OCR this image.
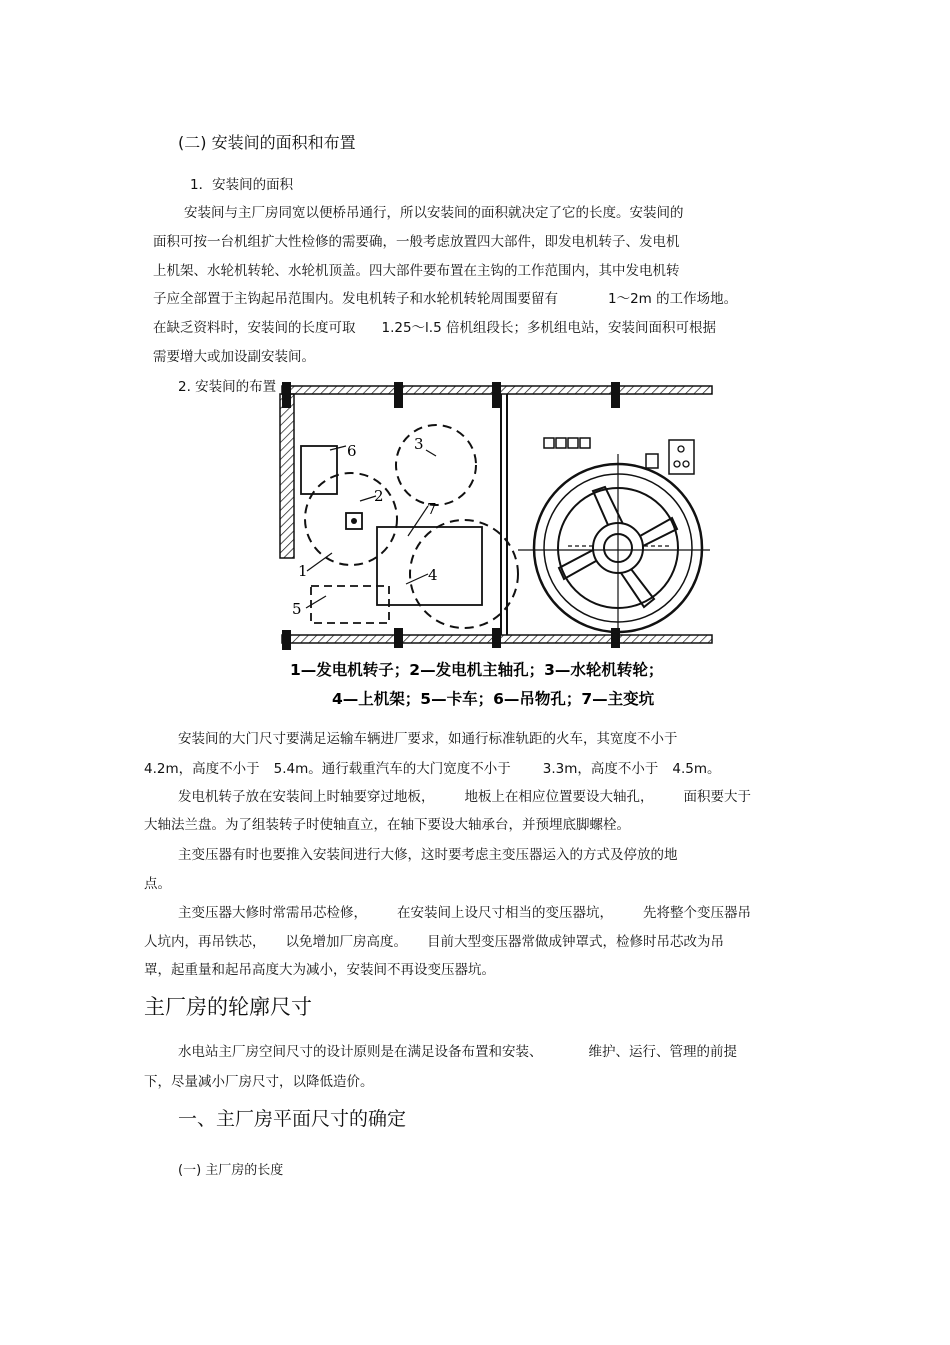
(二) 安装间的面积和布置
1．安装间的面积
安装间与主厂房同宽以便桥吊通行，所以安装间的面积就决定了它的长度。安装间的
面积可按一台机组扩大性检修的需要确，一般考虑放置四大部件，即发电机转子、发电机
上机架、水轮机转轮、水轮机顶盖。四大部件要布置在主钩的工作范围内，其中发电机转
子应全部置于主钩起吊范围内。发电机转子和水轮机转轮周围要留有	1～2m 的工作场地。
在缺乏资料时，安装间的长度可取 1.25～l.5 倍机组段长；多机组电站，安装间面积可根据
需要增大或加设副安装间。
2. 安装间的布置
6
2
3
7
4
1
5
1—发电机转子；2—发电机主轴孔；3—水轮机转轮；
4—上机架；5—卡车；6—吊物孔；7—主变坑
安装间的大门尺寸要满足运输车辆进厂要求，如通行标准轨距的火车，其宽度不小于
4.2m，高度不小于 5.4m。通行载重汽车的大门宽度不小于 3.3m，高度不小于 4.5m。
发电机转子放在安装间上时轴要穿过地板， 地板上在相应位置要设大轴孔， 面积要大于
大轴法兰盘。为了组装转子时使轴直立，在轴下要设大轴承台，并预埋底脚螺栓。
主变压器有时也要推入安装间进行大修，这时要考虑主变压器运入的方式及停放的地
点。
主变压器大修时常需吊芯检修， 在安装间上设尺寸相当的变压器坑， 先将整个变压器吊
人坑内，再吊铁芯， 以免增加厂房高度。 目前大型变压器常做成钟罩式，检修时吊芯改为吊
罩，起重量和起吊高度大为减小，安装间不再设变压器坑。
主厂房的轮廓尺寸
水电站主厂房空间尺寸的设计原则是在满足设备布置和安装、	维护、运行、管理的前提
下，尽量减小厂房尺寸，以降低造价。
一、主厂房平面尺寸的确定
(一) 主厂房的长度
